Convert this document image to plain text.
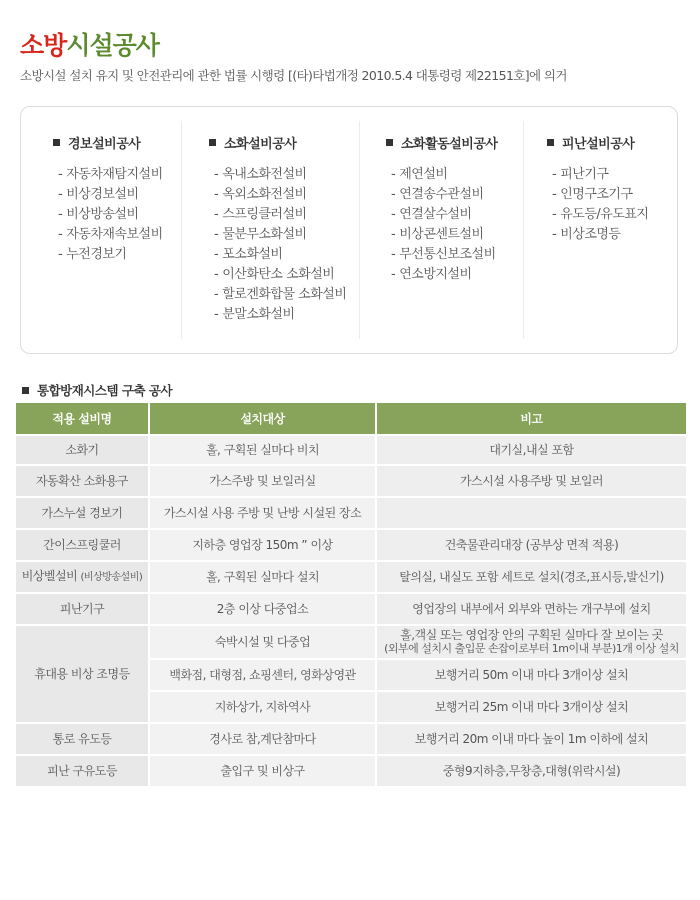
소방시설공사

소방시설 설치 유지 및 안전관리에 관한 법률 시행령 [(타)타법개정 2010.5.4 대통령령 제22151호]에 의거

경보설비공사
- 자동차재탐지설비
- 비상경보설비
- 비상방송설비
- 자동차재속보설비
- 누전경보기
소화설비공사
- 옥내소화전설비
- 옥외소화전설비
- 스프링클러설비
- 물분무소화설비
- 포소화설비
- 이산화탄소 소화설비
- 할로겐화합물 소화설비
- 분말소화설비
소화활동설비공사
- 제연설비
- 연결송수관설비
- 연결살수설비
- 비상콘센트설비
- 무선통신보조설비
- 연소방지설비
피난설비공사
- 피난기구
- 인명구조기구
- 유도등/유도표지
- 비상조명등
통합방재시스템 구축 공사
적용 설비명	설치대상	비고
소화기	홀, 구획된 실마다 비치	대기실,내실 포함
자동확산 소화용구	가스주방 및 보일러실	가스시설 사용주방 및 보일러
가스누설 경보기	가스시설 사용 주방 및 난방 시설된 장소	
간이스프링쿨러	지하층 영업장 150m ” 이상	건축물관리대장 (공부상 면적 적용)
비상벨설비 (비상방송설비)	홀, 구획된 실마다 설치	탈의실, 내실도 포함 세트로 설치(경조,표시등,발신기)
피난기구	2층 이상 다중업소	영업장의 내부에서 외부와 면하는 개구부에 설치
휴대용 비상 조명등	숙박시설 및 다중업	홀,객실 또는 영업장 안의 구획된 실마다 잘 보이는 곳
(외부에 설치시 출입문 손잡이로부터 1m이내 부분)1개 이상 설치

	백화점, 대형점, 쇼핑센터, 영화상영관	보행거리 50m 이내 마다 3개이상 설치
	지하상가, 지하역사	보행거리 25m 이내 마다 3개이상 설치
통로 유도등	경사로 참,계단참마다	보행거리 20m 이내 마다 높이 1m 이하에 설치
피난 구유도등	출입구 및 비상구	중형9지하층,무창층,대형(위락시설)
